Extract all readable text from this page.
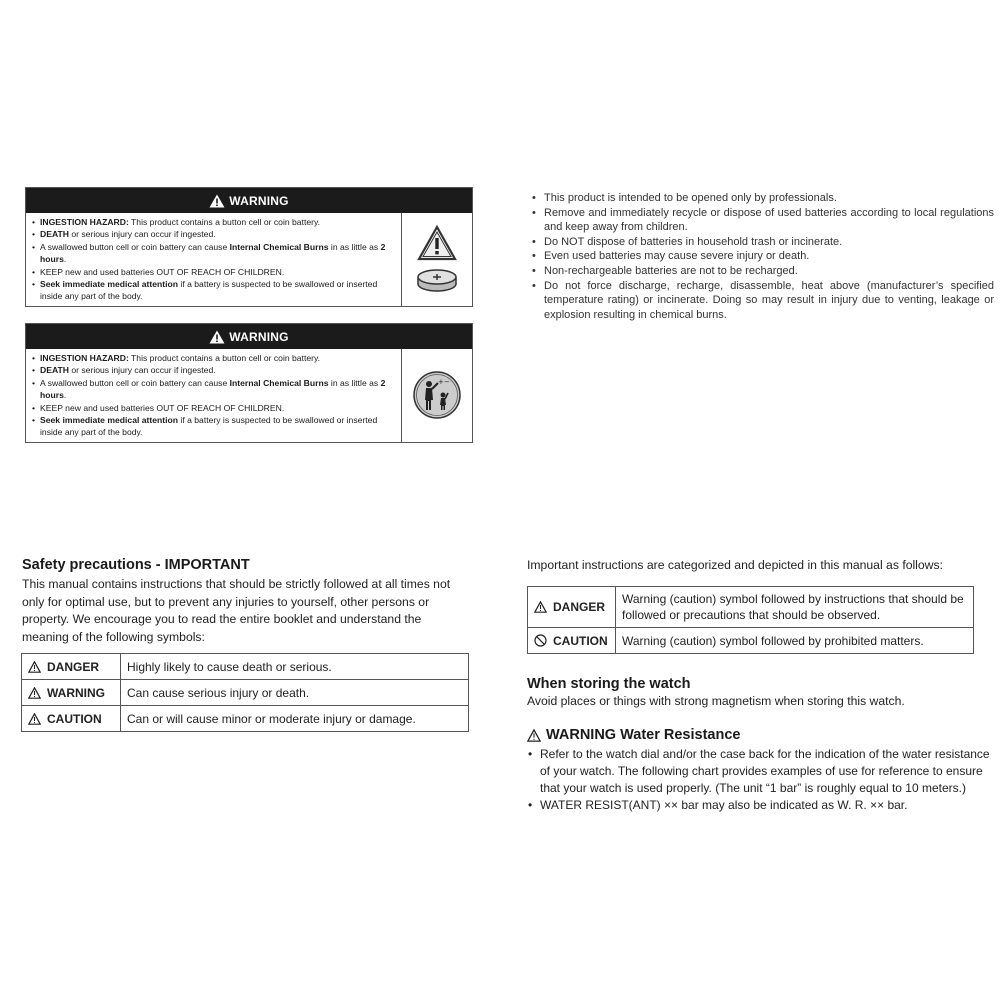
WARNING
• INGESTION HAZARD: This product contains a button cell or coin battery.
• DEATH or serious injury can occur if ingested.
• A swallowed button cell or coin battery can cause Internal Chemical Burns in as little as 2 hours.
• KEEP new and used batteries OUT OF REACH OF CHILDREN.
• Seek immediate medical attention if a battery is suspected to be swallowed or inserted inside any part of the body.
WARNING
• INGESTION HAZARD: This product contains a button cell or coin battery.
• DEATH or serious injury can occur if ingested.
• A swallowed button cell or coin battery can cause Internal Chemical Burns in as little as 2 hours.
• KEEP new and used batteries OUT OF REACH OF CHILDREN.
• Seek immediate medical attention if a battery is suspected to be swallowed or inserted inside any part of the body.
+ −
• This product is intended to be opened only by professionals.
• Remove and immediately recycle or dispose of used batteries according to local regulations and keep away from children.
• Do NOT dispose of batteries in household trash or incinerate.
• Even used batteries may cause severe injury or death.
• Non-rechargeable batteries are not to be recharged.
• Do not force discharge, recharge, disassemble, heat above (manufacturer’s specified temperature rating) or incinerate. Doing so may result in injury due to venting, leakage or explosion resulting in chemical burns.
Safety precautions - IMPORTANT
This manual contains instructions that should be strictly followed at all times not only for optimal use, but to prevent any injuries to yourself, other persons or property. We encourage you to read the entire booklet and understand the meaning of the following symbols:
DANGER	Highly likely to cause death or serious.
WARNING	Can cause serious injury or death.
CAUTION	Can or will cause minor or moderate injury or damage.
Important instructions are categorized and depicted in this manual as follows:
DANGER	Warning (caution) symbol followed by instructions that should be followed or precautions that should be observed.
CAUTION	Warning (caution) symbol followed by prohibited matters.
When storing the watch
Avoid places or things with strong magnetism when storing this watch.
WARNING Water Resistance
• Refer to the watch dial and/or the case back for the indication of the water resistance of your watch. The following chart provides examples of use for reference to ensure that your watch is used properly. (The unit “1 bar” is roughly equal to 10 meters.)
• WATER RESIST(ANT) ×× bar may also be indicated as W. R. ×× bar.
